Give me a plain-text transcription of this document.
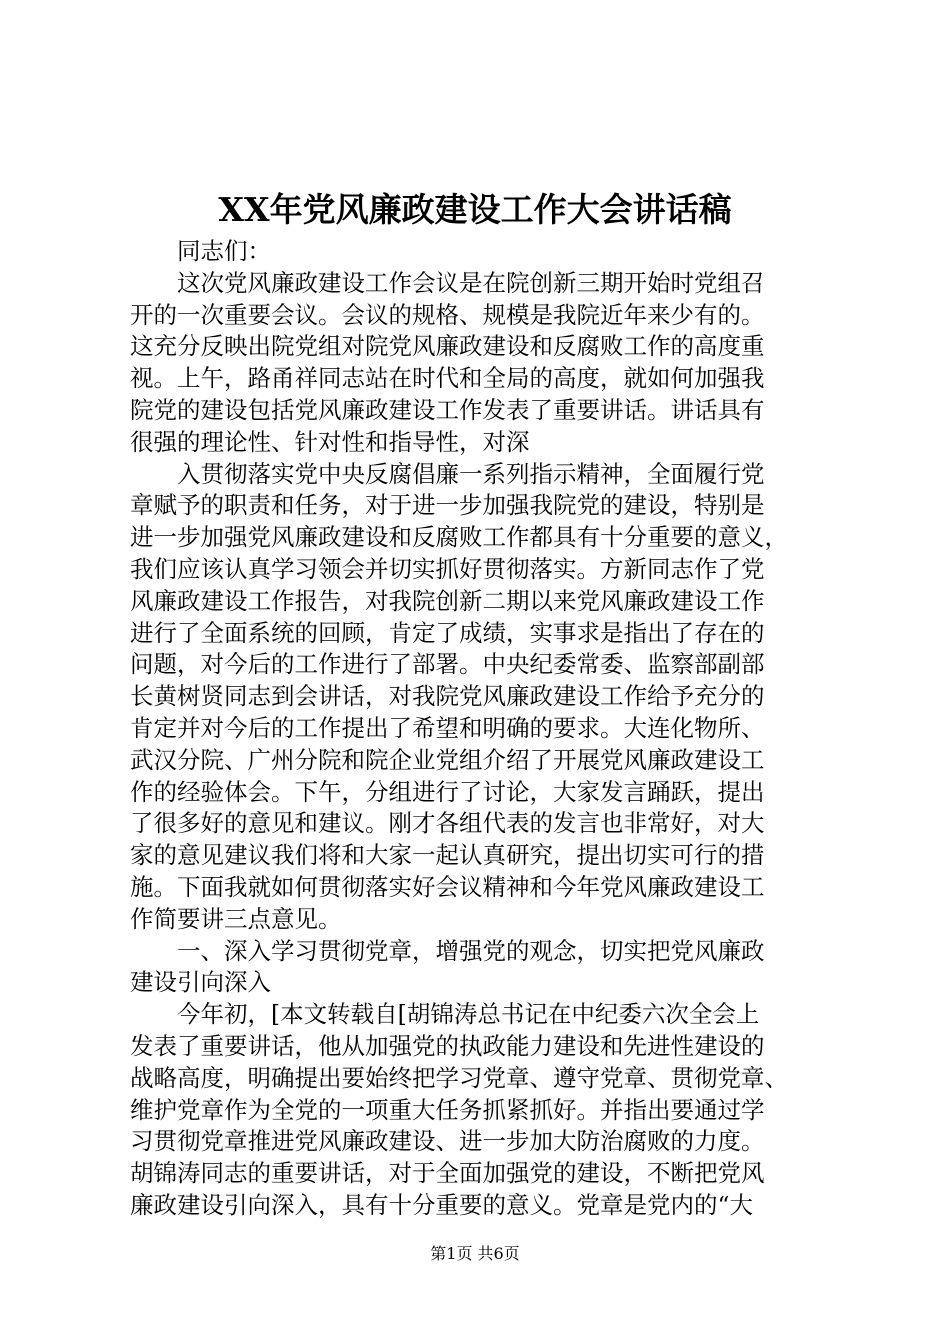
XX年党风廉政建设工作大会讲话稿
同志们：
这次党风廉政建设工作会议是在院创新三期开始时党组召
开的一次重要会议。会议的规格、规模是我院近年来少有的。
这充分反映出院党组对院党风廉政建设和反腐败工作的高度重
视。上午，路甬祥同志站在时代和全局的高度，就如何加强我
院党的建设包括党风廉政建设工作发表了重要讲话。讲话具有
很强的理论性、针对性和指导性，对深
入贯彻落实党中央反腐倡廉一系列指示精神，全面履行党
章赋予的职责和任务，对于进一步加强我院党的建设，特别是
进一步加强党风廉政建设和反腐败工作都具有十分重要的意义，
我们应该认真学习领会并切实抓好贯彻落实。方新同志作了党
风廉政建设工作报告，对我院创新二期以来党风廉政建设工作
进行了全面系统的回顾，肯定了成绩，实事求是指出了存在的
问题，对今后的工作进行了部署。中央纪委常委、监察部副部
长黄树贤同志到会讲话，对我院党风廉政建设工作给予充分的
肯定并对今后的工作提出了希望和明确的要求。大连化物所、
武汉分院、广州分院和院企业党组介绍了开展党风廉政建设工
作的经验体会。下午，分组进行了讨论，大家发言踊跃，提出
了很多好的意见和建议。刚才各组代表的发言也非常好，对大
家的意见建议我们将和大家一起认真研究，提出切实可行的措
施。下面我就如何贯彻落实好会议精神和今年党风廉政建设工
作简要讲三点意见。
一、深入学习贯彻党章，增强党的观念，切实把党风廉政
建设引向深入
今年初，[本文转载自[胡锦涛总书记在中纪委六次全会上
发表了重要讲话，他从加强党的执政能力建设和先进性建设的
战略高度，明确提出要始终把学习党章、遵守党章、贯彻党章、
维护党章作为全党的一项重大任务抓紧抓好。并指出要通过学
习贯彻党章推进党风廉政建设、进一步加大防治腐败的力度。
胡锦涛同志的重要讲话，对于全面加强党的建设，不断把党风
廉政建设引向深入，具有十分重要的意义。党章是党内的“大
第1页 共6页
